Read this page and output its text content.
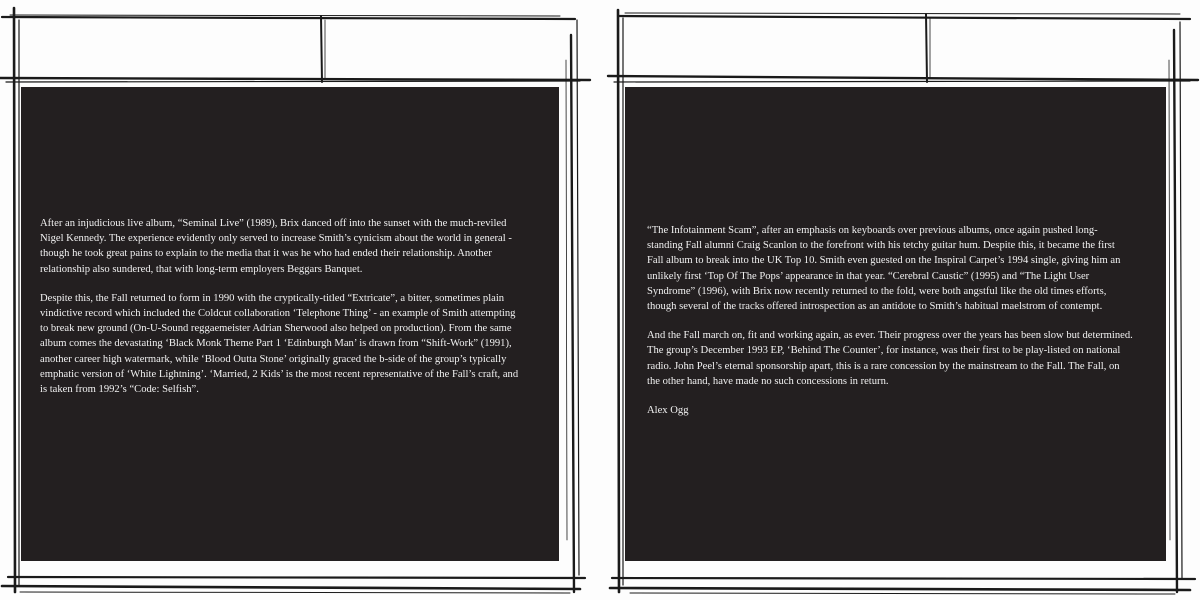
After an injudicious live album, “Seminal Live” (1989), Brix danced off into the sunset with the much-reviled Nigel Kennedy. The experience evidently only served to increase Smith’s cynicism about the world in general - though he took great pains to explain to the media that it was he who had ended their relationship. Another relationship also sundered, that with long-term employers Beggars Banquet.

Despite this, the Fall returned to form in 1990 with the cryptically-titled “Extricate”, a bitter, sometimes plain vindictive record which included the Coldcut collaboration ‘Telephone Thing’ - an example of Smith attempting to break new ground (On-U-Sound reggaemeister Adrian Sherwood also helped on production). From the same album comes the devastating ‘Black Monk Theme Part 1 ‘Edinburgh Man’ is drawn from “Shift-Work” (1991), another career high watermark, while ‘Blood Outta Stone’ originally graced the b-side of the group’s typically emphatic version of ‘White Lightning’. ‘Married, 2 Kids’ is the most recent representative of the Fall’s craft, and is taken from 1992’s “Code: Selfish”.

“The Infotainment Scam”, after an emphasis on keyboards over previous albums, once again pushed long-standing Fall alumni Craig Scanlon to the forefront with his tetchy guitar hum. Despite this, it became the first Fall album to break into the UK Top 10. Smith even guested on the Inspiral Carpet’s 1994 single, giving him an unlikely first ‘Top Of The Pops’ appearance in that year. “Cerebral Caustic” (1995) and “The Light User Syndrome” (1996), with Brix now recently returned to the fold, were both angstful like the old times efforts, though several of the tracks offered introspection as an antidote to Smith’s habitual maelstrom of contempt.

And the Fall march on, fit and working again, as ever. Their progress over the years has been slow but determined. The group’s December 1993 EP, ‘Behind The Counter’, for instance, was their first to be play-listed on national radio. John Peel’s eternal sponsorship apart, this is a rare concession by the mainstream to the Fall. The Fall, on the other hand, have made no such concessions in return.

Alex Ogg
